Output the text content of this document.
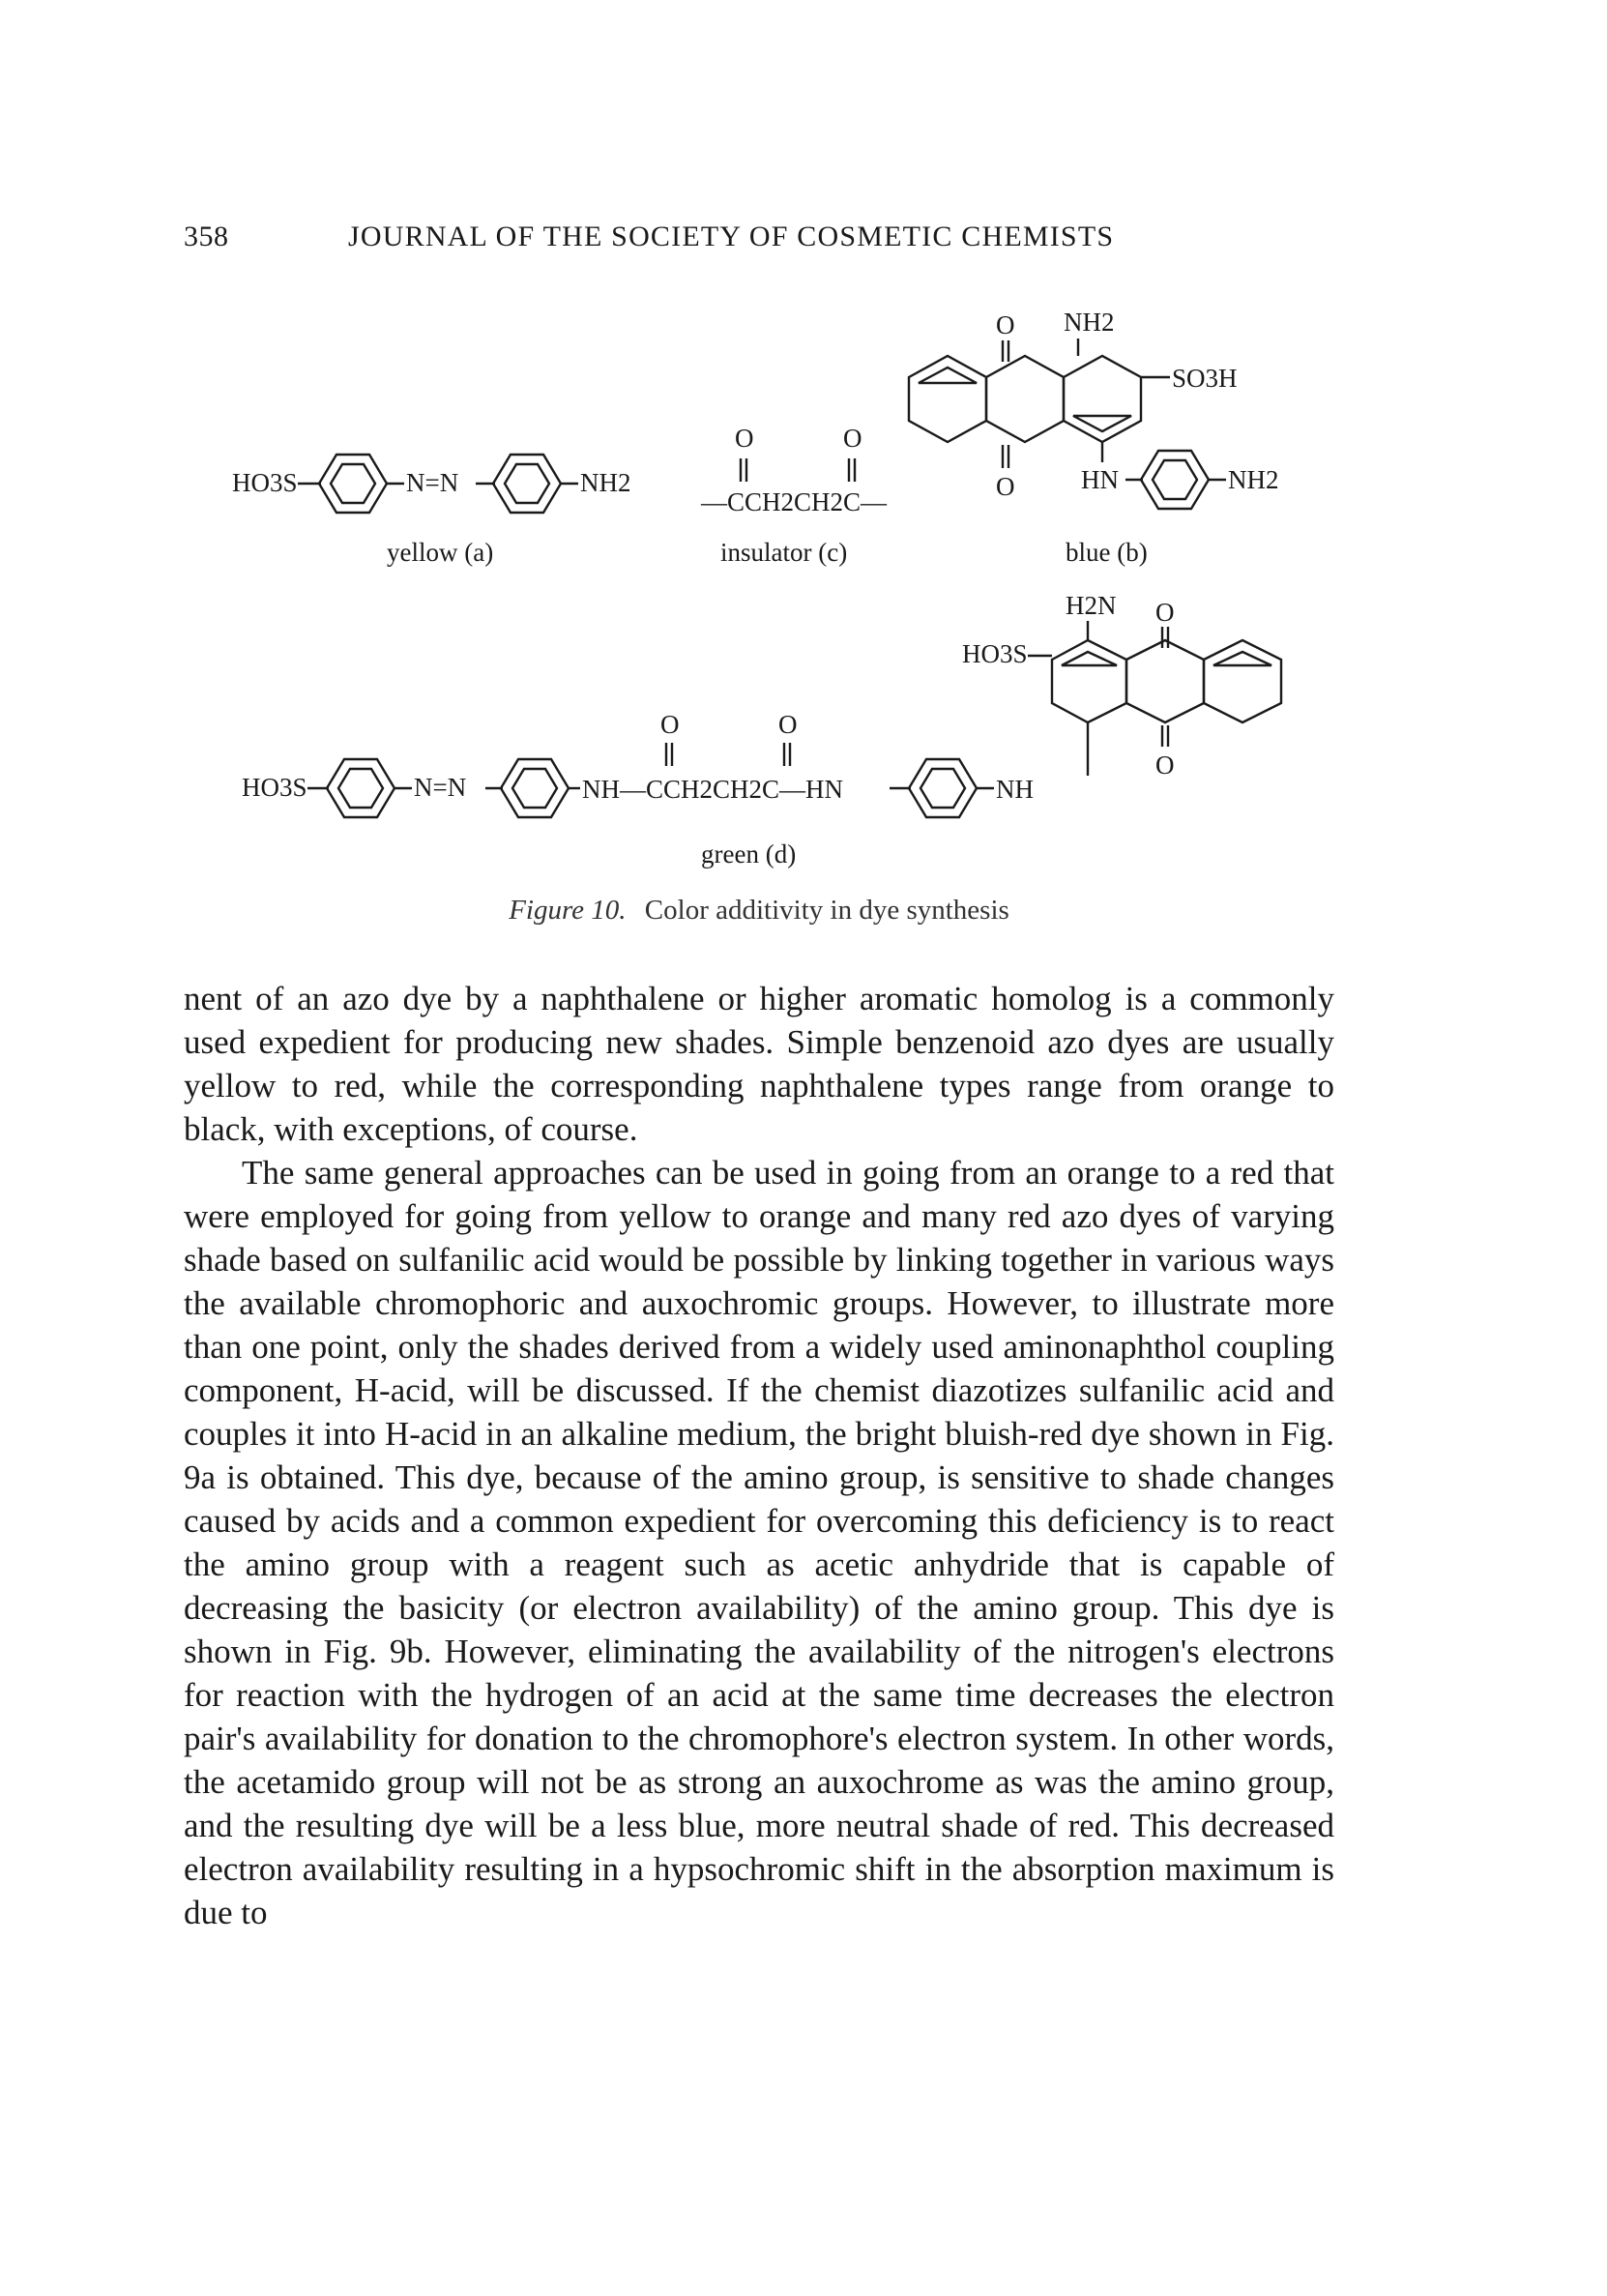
358	JOURNAL OF THE SOCIETY OF COSMETIC CHEMISTS
HO3S	N=N	NH2
yellow (a)
O	O
—CCH2CH2C—
insulator (c)
O NH2
SO3H
O	HN	NH2
blue (b)
H2N O
HO3S
O
HO3S	N=N
O	O
NH—CCH2CH2C—HN	NH
green (d)
Figure 10. Color additivity in dye synthesis

nent of an azo dye by a naphthalene or higher aromatic homolog is a commonly used expedient for producing new shades. Simple benzenoid azo dyes are usually yellow to red, while the corresponding naphthalene types range from orange to black, with exceptions, of course.

The same general approaches can be used in going from an orange to a red that were employed for going from yellow to orange and many red azo dyes of varying shade based on sulfanilic acid would be possible by linking together in various ways the available chromophoric and auxochromic groups. However, to illustrate more than one point, only the shades derived from a widely used aminonaphthol coupling component, H-acid, will be discussed. If the chemist diazotizes sulfanilic acid and couples it into H-acid in an alkaline medium, the bright bluish-red dye shown in Fig. 9a is obtained. This dye, because of the amino group, is sensitive to shade changes caused by acids and a common expedient for overcoming this deficiency is to react the amino group with a reagent such as acetic anhydride that is capable of decreasing the basicity (or electron availability) of the amino group. This dye is shown in Fig. 9b. However, eliminating the availability of the nitrogen's electrons for reaction with the hydrogen of an acid at the same time decreases the electron pair's availability for donation to the chromophore's electron system. In other words, the acetamido group will not be as strong an auxochrome as was the amino group, and the resulting dye will be a less blue, more neutral shade of red. This decreased electron availability resulting in a hypsochromic shift in the absorption maximum is due to
